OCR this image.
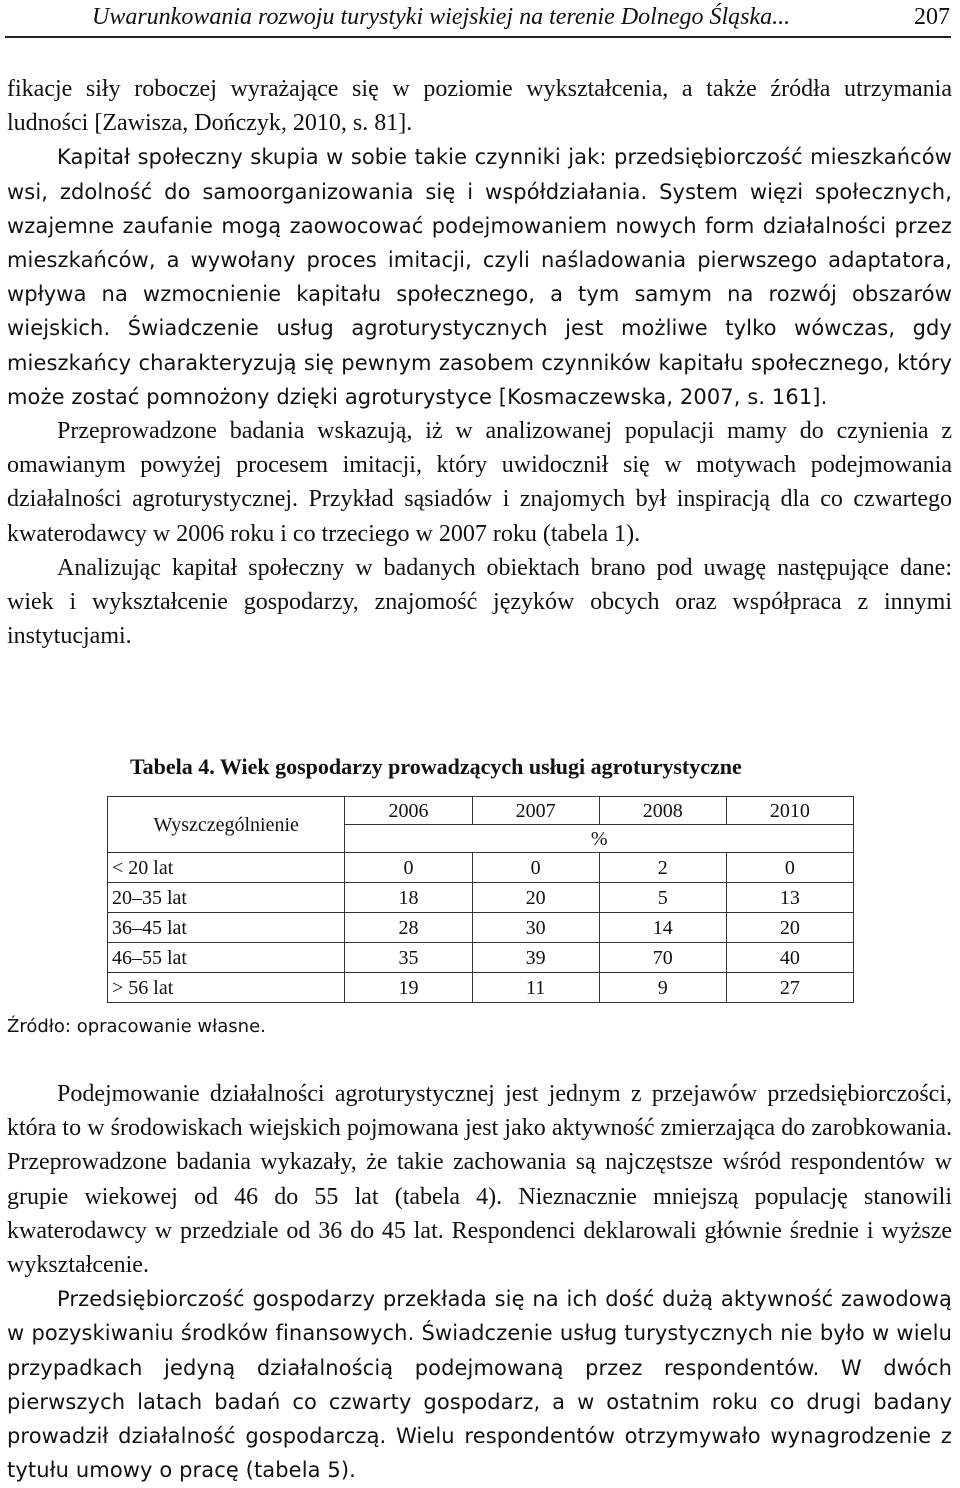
Uwarunkowania rozwoju turystyki wiejskiej na terenie Dolnego Śląska...	207

fikacje siły roboczej wyrażające się w poziomie wykształcenia, a także źródła utrzymania ludności [Zawisza, Dończyk, 2010, s. 81].

Kapitał społeczny skupia w sobie takie czynniki jak: przedsiębiorczość mieszkańców wsi, zdolność do samoorganizowania się i współdziałania. System więzi społecznych, wzajemne zaufanie mogą zaowocować podejmowaniem nowych form działalności przez mieszkańców, a wywołany proces imitacji, czyli naśladowania pierwszego adaptatora, wpływa na wzmocnienie kapitału społecznego, a tym samym na rozwój obszarów wiejskich. Świadczenie usług agroturystycznych jest możliwe tylko wówczas, gdy mieszkańcy charakteryzują się pewnym zasobem czynników kapitału społecznego, który może zostać pomnożony dzięki agroturystyce [Kosmaczewska, 2007, s. 161].

Przeprowadzone badania wskazują, iż w analizowanej populacji mamy do czynienia z omawianym powyżej procesem imitacji, który uwidocznił się w motywach podejmowania działalności agroturystycznej. Przykład sąsiadów i znajomych był inspiracją dla co czwartego kwaterodawcy w 2006 roku i co trzeciego w 2007 roku (tabela 1).

Analizując kapitał społeczny w badanych obiektach brano pod uwagę następujące dane: wiek i wykształcenie gospodarzy, znajomość języków obcych oraz współpraca z innymi instytucjami.

Tabela 4. Wiek gospodarzy prowadzących usługi agroturystyczne
Wyszczególnienie	2006	2007	2008	2010
	%			
< 20 lat	0	0	2	0
20–35 lat	18	20	5	13
36–45 lat	28	30	14	20
46–55 lat	35	39	70	40
> 56 lat	19	11	9	27
Źródło: opracowanie własne.

Podejmowanie działalności agroturystycznej jest jednym z przejawów przedsiębiorczości, która to w środowiskach wiejskich pojmowana jest jako aktywność zmierzająca do zarobkowania. Przeprowadzone badania wykazały, że takie zachowania są najczęstsze wśród respondentów w grupie wiekowej od 46 do 55 lat (tabela 4). Nieznacznie mniejszą populację stanowili kwaterodawcy w przedziale od 36 do 45 lat. Respondenci deklarowali głównie średnie i wyższe wykształcenie.

Przedsiębiorczość gospodarzy przekłada się na ich dość dużą aktywność zawodową w pozyskiwaniu środków finansowych. Świadczenie usług turystycznych nie było w wielu przypadkach jedyną działalnością podejmowaną przez respondentów. W dwóch pierwszych latach badań co czwarty gospodarz, a w ostatnim roku co drugi badany prowadził działalność gospodarczą. Wielu respondentów otrzymywało wynagrodzenie z tytułu umowy o pracę (tabela 5).
